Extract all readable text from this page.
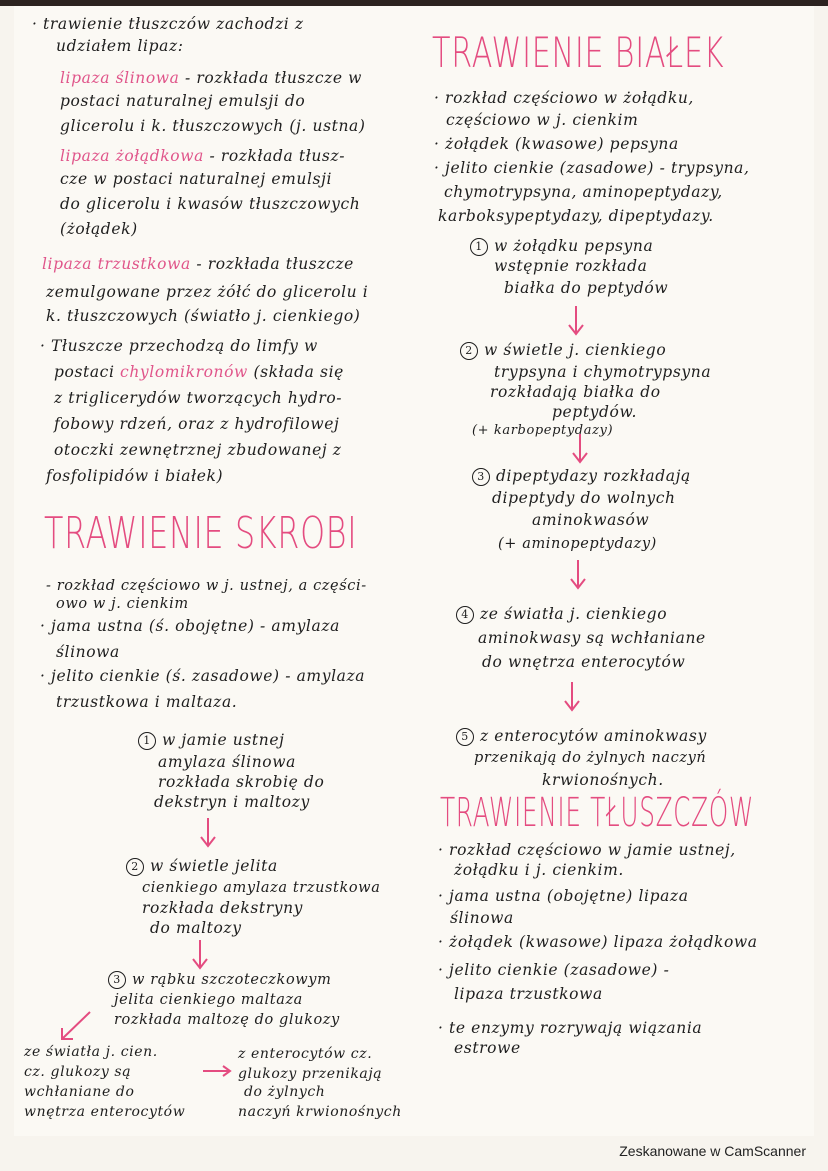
· trawienie tłuszczów zachodzi z
udziałem lipaz:
lipaza ślinowa - rozkłada tłuszcze w
postaci naturalnej emulsji do
glicerolu i k. tłuszczowych (j. ustna)
lipaza żołądkowa - rozkłada tłusz-
cze w postaci naturalnej emulsji
do glicerolu i kwasów tłuszczowych
(żołądek)
lipaza trzustkowa - rozkłada tłuszcze
zemulgowane przez żółć do glicerolu i
k. tłuszczowych (światło j. cienkiego)
· Tłuszcze przechodzą do limfy w
postaci chylomikronów (składa się
z triglicerydów tworzących hydro-
fobowy rdzeń, oraz z hydrofilowej
otoczki zewnętrznej zbudowanej z
fosfolipidów i białek)
TRAWIENIE SKROBI
- rozkład częściowo w j. ustnej, a części-
owo w j. cienkim
· jama ustna (ś. obojętne) - amylaza
ślinowa
· jelito cienkie (ś. zasadowe) - amylaza
trzustkowa i maltaza.
1 w jamie ustnej
amylaza ślinowa
rozkłada skrobię do
dekstryn i maltozy
2 w świetle jelita
cienkiego amylaza trzustkowa
rozkłada dekstryny
do maltozy
3 w rąbku szczoteczkowym
jelita cienkiego maltaza
rozkłada maltozę do glukozy
ze światła j. cien.
cz. glukozy są
wchłaniane do
wnętrza enterocytów
z enterocytów cz.
glukozy przenikają
do żylnych
naczyń krwionośnych
TRAWIENIE BIAŁEK
· rozkład częściowo w żołądku,
częściowo w j. cienkim
· żołądek (kwasowe) pepsyna
· jelito cienkie (zasadowe) - trypsyna,
chymotrypsyna, aminopeptydazy,
karboksypeptydazy, dipeptydazy.
1 w żołądku pepsyna
wstępnie rozkłada
białka do peptydów
2 w świetle j. cienkiego
trypsyna i chymotrypsyna
rozkładają białka do
peptydów.
(+ karbopeptydazy)
3 dipeptydazy rozkładają
dipeptydy do wolnych
aminokwasów
(+ aminopeptydazy)
4 ze światła j. cienkiego
aminokwasy są wchłaniane
do wnętrza enterocytów
5 z enterocytów aminokwasy
przenikają do żylnych naczyń
krwionośnych.
TRAWIENIE TŁUSZCZÓW
· rozkład częściowo w jamie ustnej,
żołądku i j. cienkim.
· jama ustna (obojętne) lipaza
ślinowa
· żołądek (kwasowe) lipaza żołądkowa
· jelito cienkie (zasadowe) -
lipaza trzustkowa
· te enzymy rozrywają wiązania
estrowe
Zeskanowane w CamScanner
